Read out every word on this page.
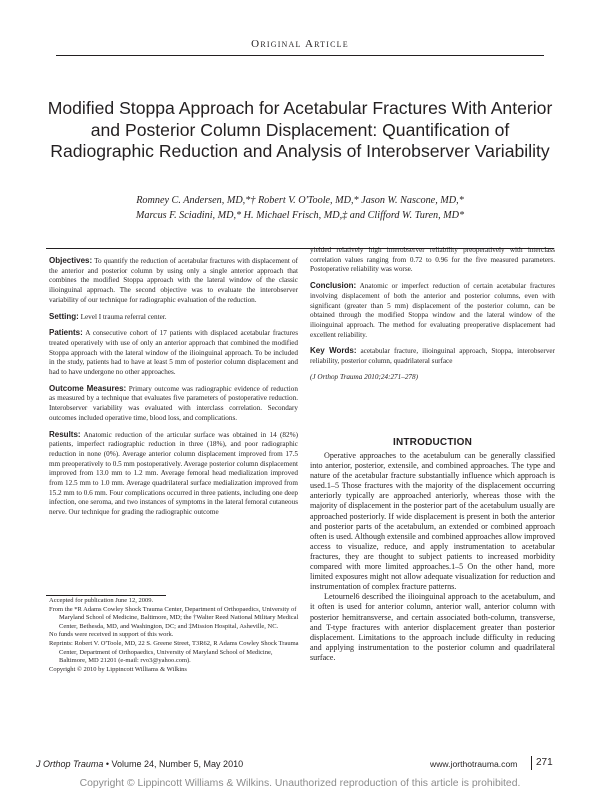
Original Article
Modified Stoppa Approach for Acetabular Fractures With Anterior and Posterior Column Displacement: Quantification of Radiographic Reduction and Analysis of Interobserver Variability
Romney C. Andersen, MD,*† Robert V. O'Toole, MD,* Jason W. Nascone, MD,*
Marcus F. Sciadini, MD,* H. Michael Frisch, MD,‡ and Clifford W. Turen, MD*

Objectives: To quantify the reduction of acetabular fractures with displacement of the anterior and posterior column by using only a single anterior approach that combines the modified Stoppa approach with the lateral window of the classic ilioinguinal approach. The second objective was to evaluate the interobserver variability of our technique for radiographic evaluation of the reduction.

Setting: Level I trauma referral center.

Patients: A consecutive cohort of 17 patients with displaced acetabular fractures treated operatively with use of only an anterior approach that combined the modified Stoppa approach with the lateral window of the ilioinguinal approach. To be included in the study, patients had to have at least 5 mm of posterior column displacement and had to have undergone no other approaches.

Outcome Measures: Primary outcome was radiographic evidence of reduction as measured by a technique that evaluates five parameters of postoperative reduction. Interobserver variability was evaluated with interclass correlation. Secondary outcomes included operative time, blood loss, and complications.

Results: Anatomic reduction of the articular surface was obtained in 14 (82%) patients, imperfect radiographic reduction in three (18%), and poor radiographic reduction in none (0%). Average anterior column displacement improved from 17.5 mm preoperatively to 0.5 mm postoperatively. Average posterior column displacement improved from 13.0 mm to 1.2 mm. Average femoral head medialization improved from 12.5 mm to 1.0 mm. Average quadrilateral surface medialization improved from 15.2 mm to 0.6 mm. Four complications occurred in three patients, including one deep infection, one seroma, and two instances of symptoms in the lateral femoral cutaneous nerve. Our technique for grading the radiographic outcome

yielded relatively high interobserver reliability preoperatively with interclass correlation values ranging from 0.72 to 0.96 for the five measured parameters. Postoperative reliability was worse.

Conclusion: Anatomic or imperfect reduction of certain acetabular fractures involving displacement of both the anterior and posterior columns, even with significant (greater than 5 mm) displacement of the posterior column, can be obtained through the modified Stoppa window and the lateral window of the ilioinguinal approach. The method for evaluating preoperative displacement had excellent reliability.

Key Words: acetabular fracture, ilioinguinal approach, Stoppa, interobserver reliability, posterior column, quadrilateral surface

(J Orthop Trauma 2010;24:271–278)

INTRODUCTION

Operative approaches to the acetabulum can be generally classified into anterior, posterior, extensile, and combined approaches. The type and nature of the acetabular fracture substantially influence which approach is used.1–5 Those fractures with the majority of the displacement occurring anteriorly typically are approached anteriorly, whereas those with the majority of displacement in the posterior part of the acetabulum usually are approached posteriorly. If wide displacement is present in both the anterior and posterior parts of the acetabulum, an extended or combined approach often is used. Although extensile and combined approaches allow improved access to visualize, reduce, and apply instrumentation to acetabular fractures, they are thought to subject patients to increased morbidity compared with more limited approaches.1–5 On the other hand, more limited exposures might not allow adequate visualization for reduction and instrumentation of complex fracture patterns.

Letournel6 described the ilioinguinal approach to the acetabulum, and it often is used for anterior column, anterior wall, anterior column with posterior hemitransverse, and certain associated both-column, transverse, and T-type fractures with anterior displacement greater than posterior displacement. Limitations to the approach include difficulty in reducing and applying instrumentation to the posterior column and quadrilateral surface.

Accepted for publication June 12, 2009.
From the *R Adams Cowley Shock Trauma Center, Department of Orthopaedics, University of Maryland School of Medicine, Baltimore, MD; the †Walter Reed National Military Medical Center, Bethesda, MD, and Washington, DC; and ‡Mission Hospital, Asheville, NC.
No funds were received in support of this work.
Reprints: Robert V. O'Toole, MD, 22 S. Greene Street, T3R62, R Adams Cowley Shock Trauma Center, Department of Orthopaedics, University of Maryland School of Medicine, Baltimore, MD 21201 (e-mail: rvo3@yahoo.com).
Copyright © 2010 by Lippincott Williams & Wilkins
J Orthop Trauma • Volume 24, Number 5, May 2010	www.jorthotrauma.com 271
Copyright © Lippincott Williams & Wilkins. Unauthorized reproduction of this article is prohibited.
